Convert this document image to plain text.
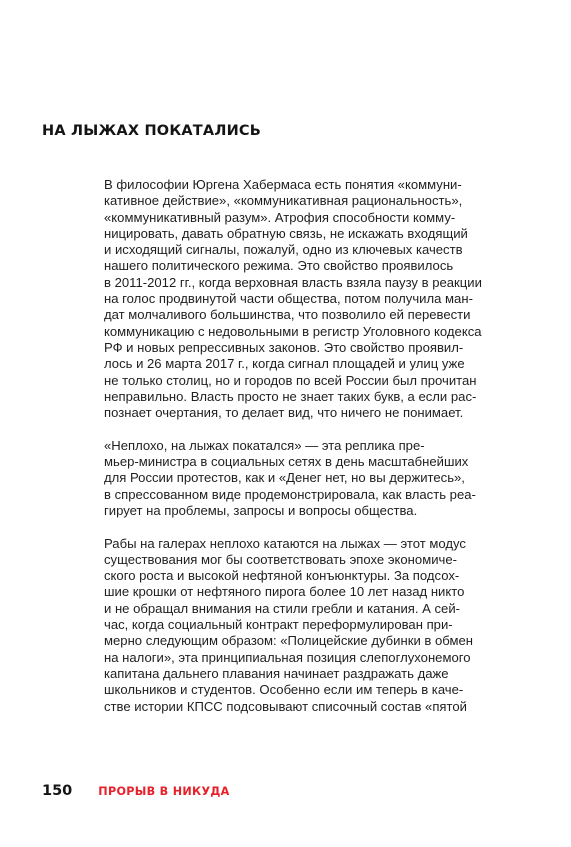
НА ЛЫЖАХ ПОКАТАЛИСЬ

В философии Юргена Хабермаса есть понятия «коммуни-
кативное действие», «коммуникативная рациональность»,
«коммуникативный разум». Атрофия способности комму-
ницировать, давать обратную связь, не искажать входящий
и исходящий сигналы, пожалуй, одно из ключевых качеств
нашего политического режима. Это свойство проявилось
в 2011-2012 гг., когда верховная власть взяла паузу в реакции
на голос продвинутой части общества, потом получила ман-
дат молчаливого большинства, что позволило ей перевести
коммуникацию с недовольными в регистр Уголовного кодекса
РФ и новых репрессивных законов. Это свойство проявил-
лось и 26 марта 2017 г., когда сигнал площадей и улиц уже
не только столиц, но и городов по всей России был прочитан
неправильно. Власть просто не знает таких букв, а если рас-
познает очертания, то делает вид, что ничего не понимает.

«Неплохо, на лыжах покатался» — эта реплика пре-
мьер-министра в социальных сетях в день масштабнейших
для России протестов, как и «Денег нет, но вы держитесь»,
в спрессованном виде продемонстрировала, как власть реа-
гирует на проблемы, запросы и вопросы общества.

Рабы на галерах неплохо катаются на лыжах — этот модус
существования мог бы соответствовать эпохе экономиче-
ского роста и высокой нефтяной конъюнктуры. За подсох-
шие крошки от нефтяного пирога более 10 лет назад никто
и не обращал внимания на стили гребли и катания. А сей-
час, когда социальный контракт переформулирован при-
мерно следующим образом: «Полицейские дубинки в обмен
на налоги», эта принципиальная позиция слепоглухонемого
капитана дальнего плавания начинает раздражать даже
школьников и студентов. Особенно если им теперь в каче-
стве истории КПСС подсовывают списочный состав «пятой

150 ПРОРЫВ В НИКУДА
